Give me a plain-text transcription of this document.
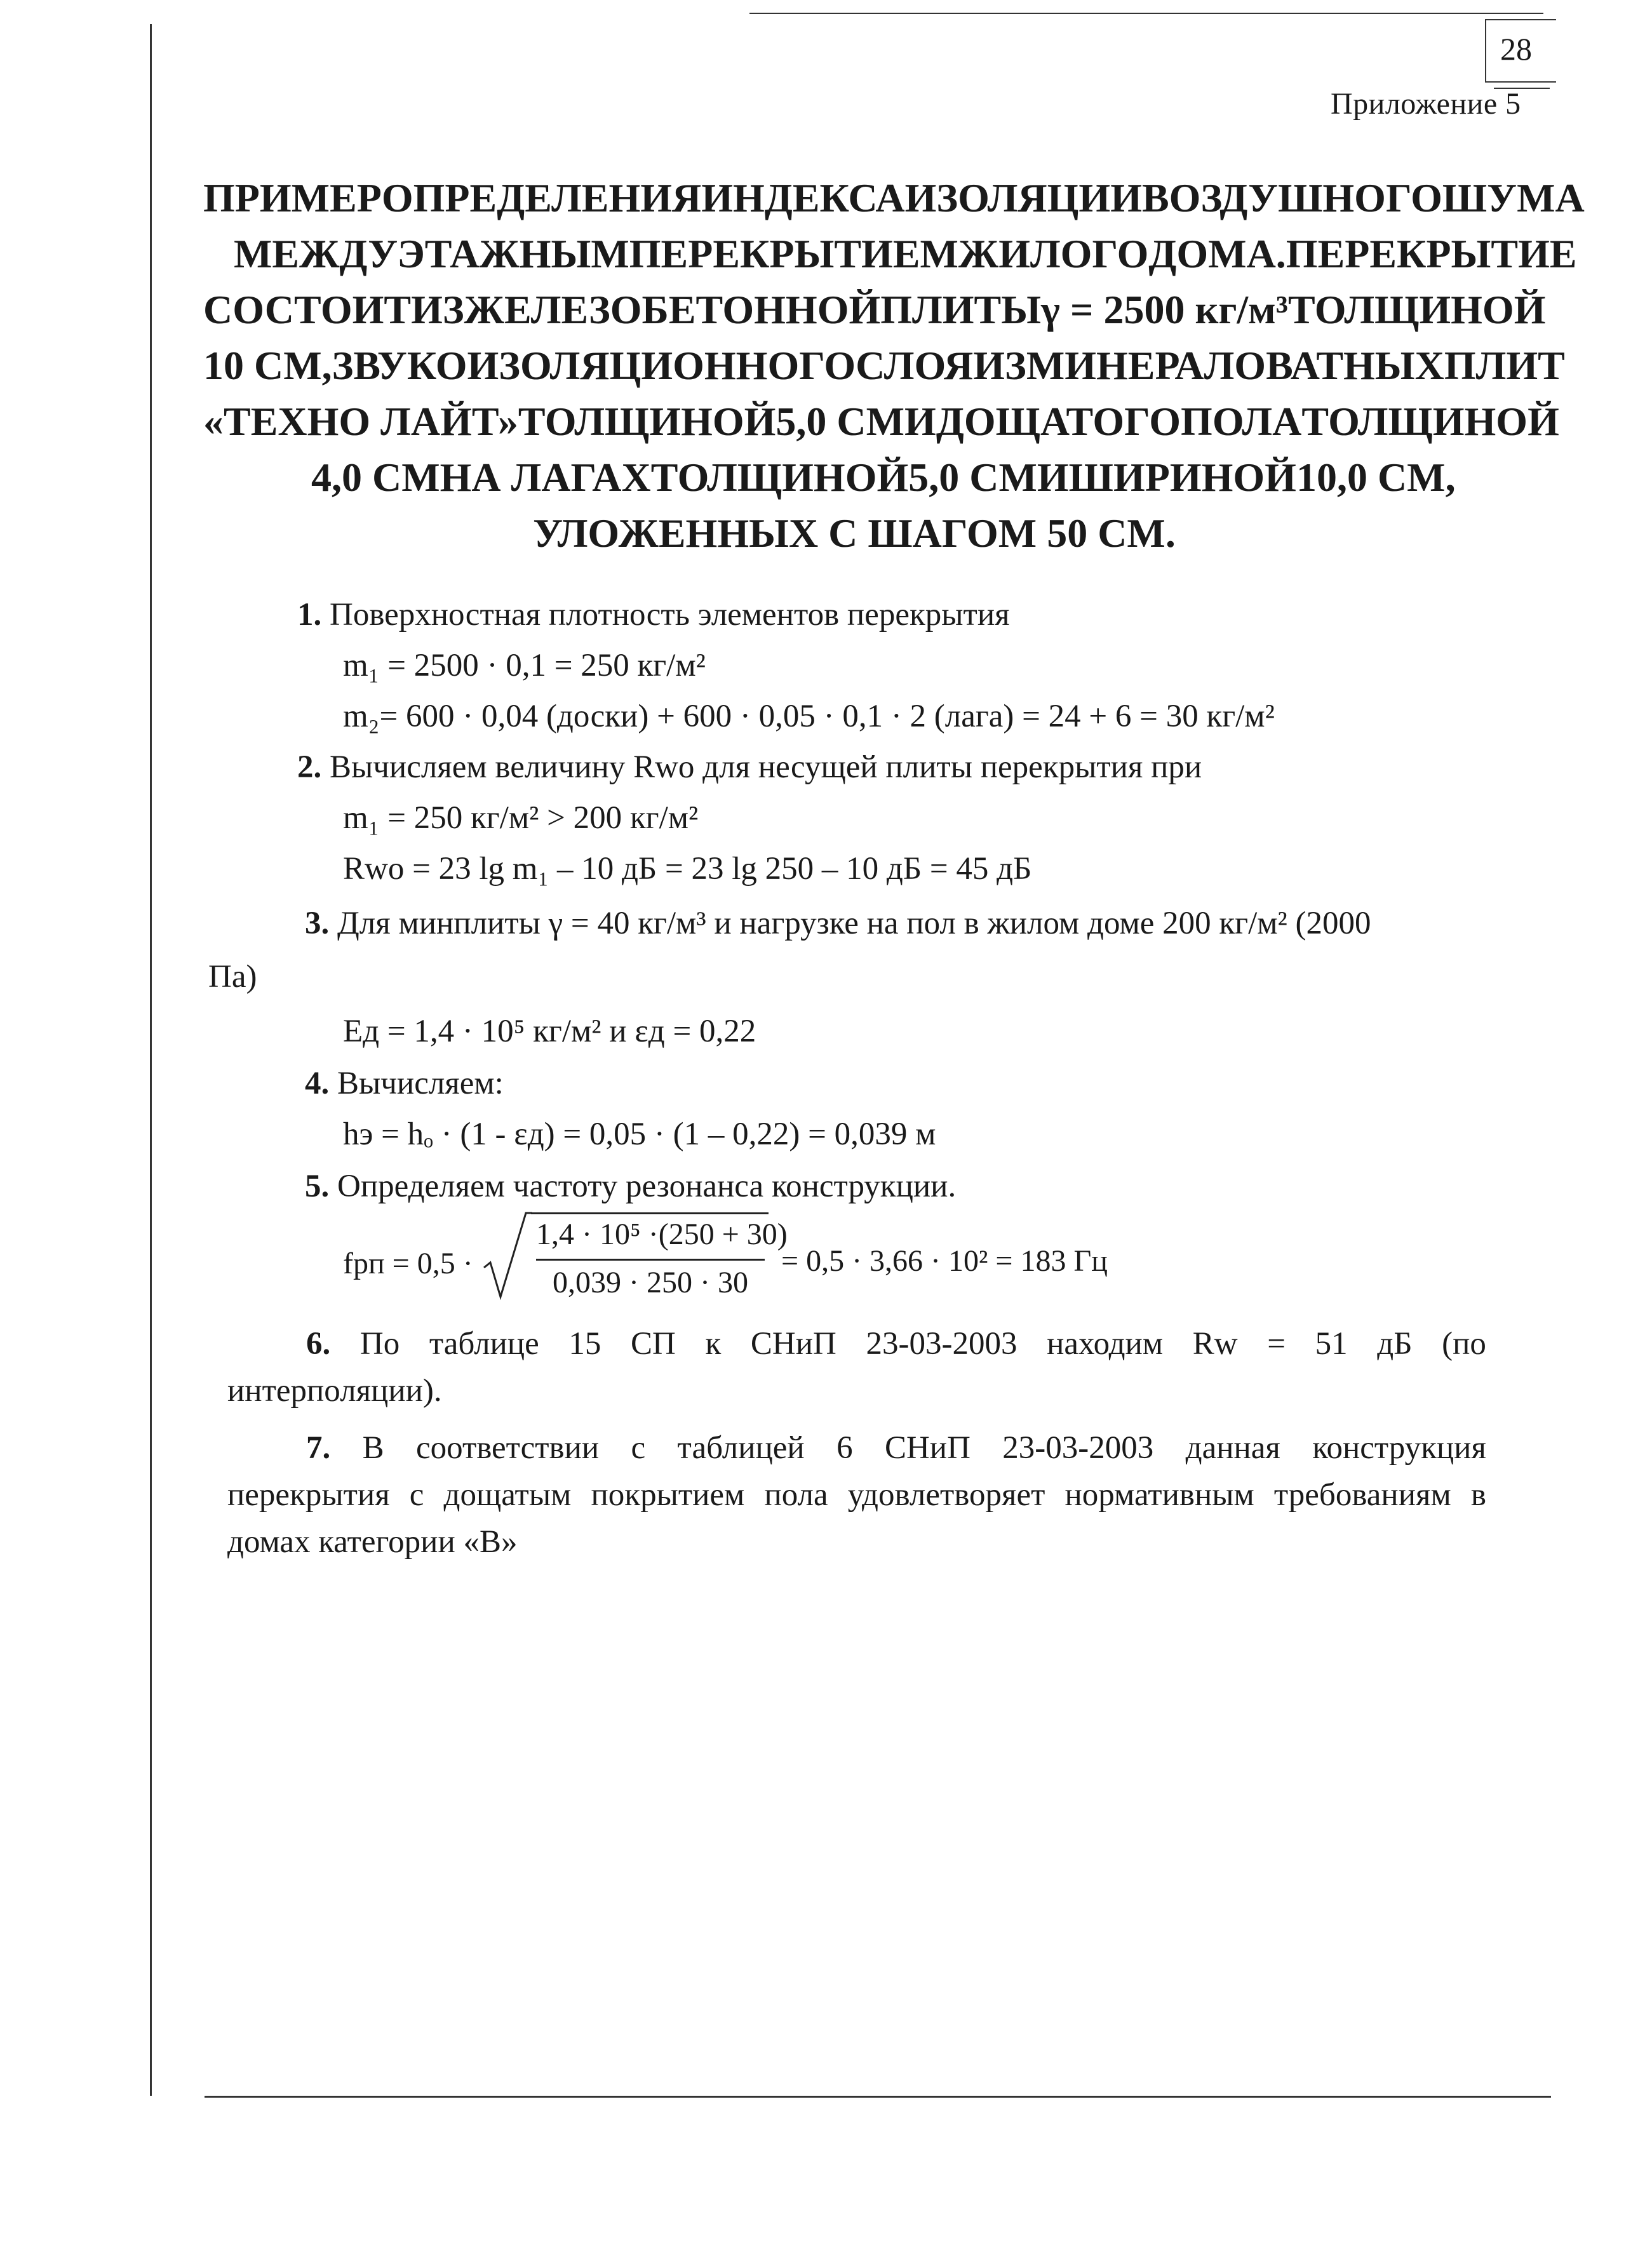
28
Приложение 5
ПРИМЕР ОПРЕДЕЛЕНИЯ ИНДЕКСА ИЗОЛЯЦИИ ВОЗДУШНОГО ШУМА
МЕЖДУЭТАЖНЫМ ПЕРЕКРЫТИЕМ ЖИЛОГО ДОМА. ПЕРЕКРЫТИЕ
СОСТОИТ ИЗ ЖЕЛЕЗОБЕТОННОЙ ПЛИТЫ γ = 2500 кг/м³ ТОЛЩИНОЙ
10 СМ, ЗВУКОИЗОЛЯЦИОННОГО СЛОЯ ИЗ МИНЕРАЛОВАТНЫХ ПЛИТ
«ТЕХНО ЛАЙТ» ТОЛЩИНОЙ 5,0 СМ И ДОЩАТОГО ПОЛА ТОЛЩИНОЙ
4,0 СМ НА ЛАГАХ ТОЛЩИНОЙ 5,0 СМ И ШИРИНОЙ 10,0 СМ,
УЛОЖЕННЫХ С ШАГОМ 50 СМ.
1. Поверхностная плотность элементов перекрытия
m₁ = 2500 · 0,1 = 250 кг/м²
m₂= 600 · 0,04 (доски) + 600 · 0,05 · 0,1 · 2 (лага) = 24 + 6 = 30 кг/м²
2. Вычисляем величину Rᴡᴏ для несущей плиты перекрытия при
m₁ = 250 кг/м² > 200 кг/м²
Rᴡᴏ = 23 lg m₁ – 10 дБ = 23 lg 250 – 10 дБ = 45 дБ
3. Для минплиты γ = 40 кг/м³ и нагрузке на пол в жилом доме 200 кг/м² (2000
Па)
Eд = 1,4 · 10⁵ кг/м² и εд = 0,22
4. Вычисляем:
hэ = hₒ · (1 - εд) = 0,05 · (1 – 0,22) = 0,039 м
5. Определяем частоту резонанса конструкции.
fрп = 0,5 ·
1,4 · 10⁵ ·(250 + 30)
0,039 · 250 · 30
= 0,5 · 3,66 · 10² = 183 Гц
6. По таблице 15 СП к СНиП 23-03-2003 находим Rᴡ = 51 дБ (по
интерполяции).
7. В соответствии с таблицей 6 СНиП 23-03-2003 данная конструкция
перекрытия с дощатым покрытием пола удовлетворяет нормативным требованиям в
домах категории «В»
